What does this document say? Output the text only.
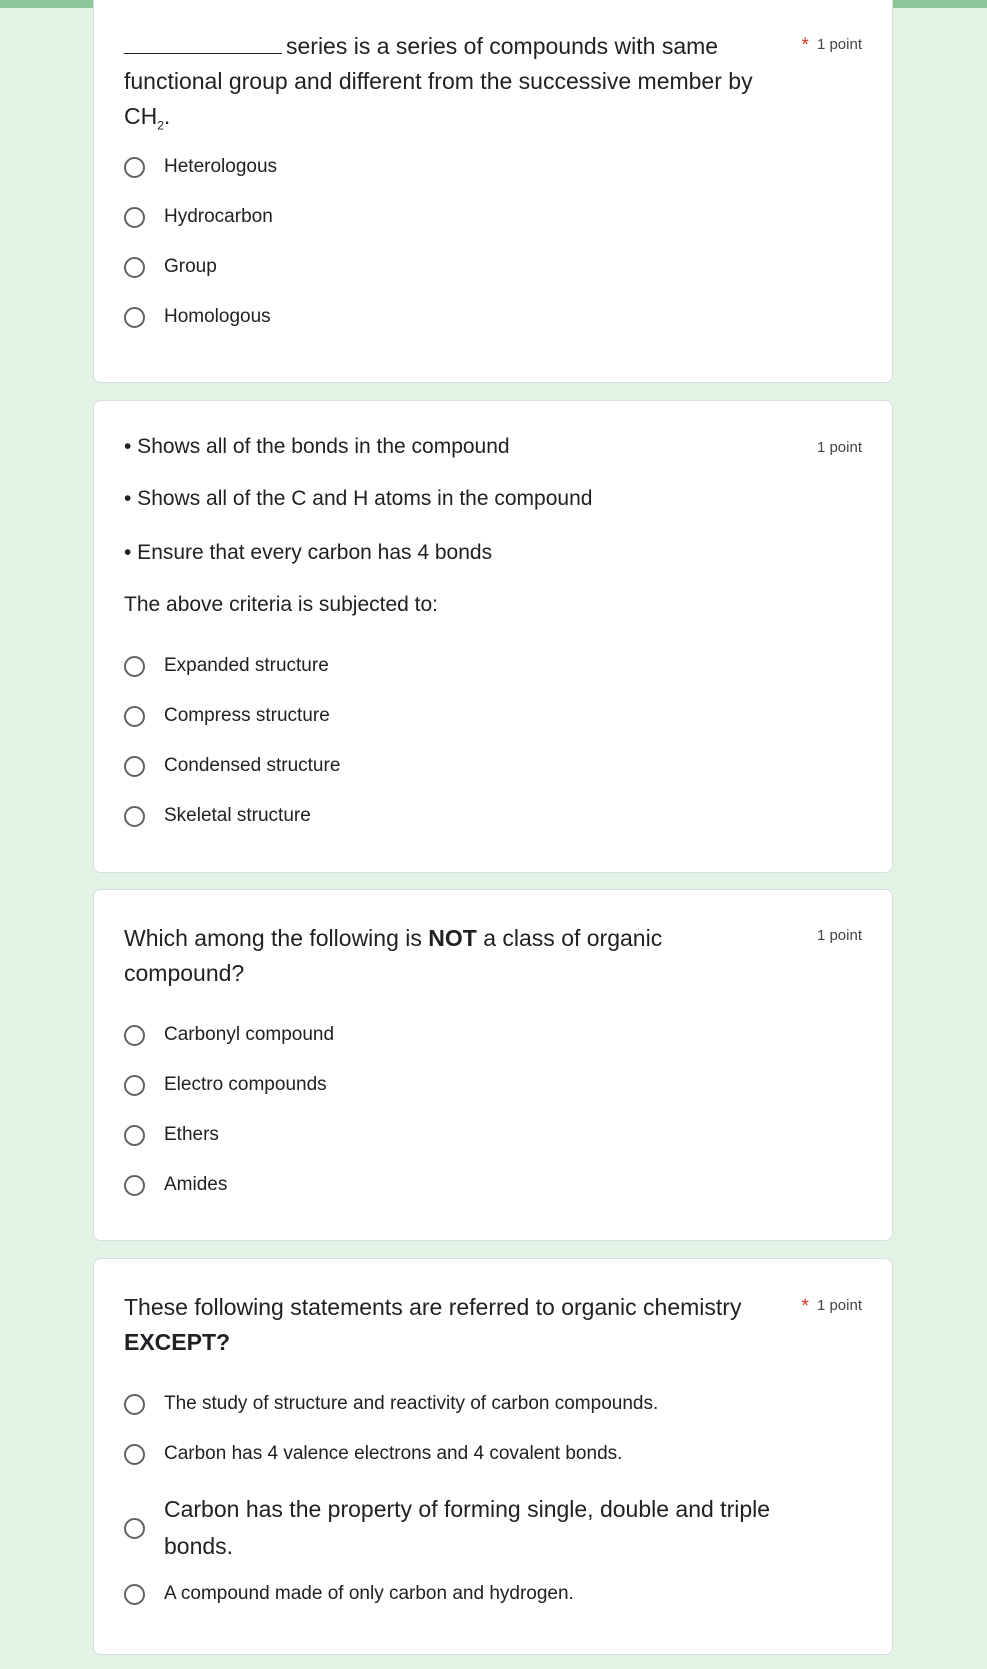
series is a series of compounds with same functional group and different from the successive member by $CH_2$.
* 1 point
Heterologous
Hydrocarbon
Group
Homologous
• Shows all of the bonds in the compound	1 point
• Shows all of the C and H atoms in the compound
• Ensure that every carbon has 4 bonds
The above criteria is subjected to:
Expanded structure
Compress structure
Condensed structure
Skeletal structure
Which among the following is NOT a class of organic compound?
1 point
Carbonyl compound
Electro compounds
Ethers
Amides
These following statements are referred to organic chemistry EXCEPT?
* 1 point
The study of structure and reactivity of carbon compounds.
Carbon has 4 valence electrons and 4 covalent bonds.
Carbon has the property of forming single, double and triple bonds.
A compound made of only carbon and hydrogen.
